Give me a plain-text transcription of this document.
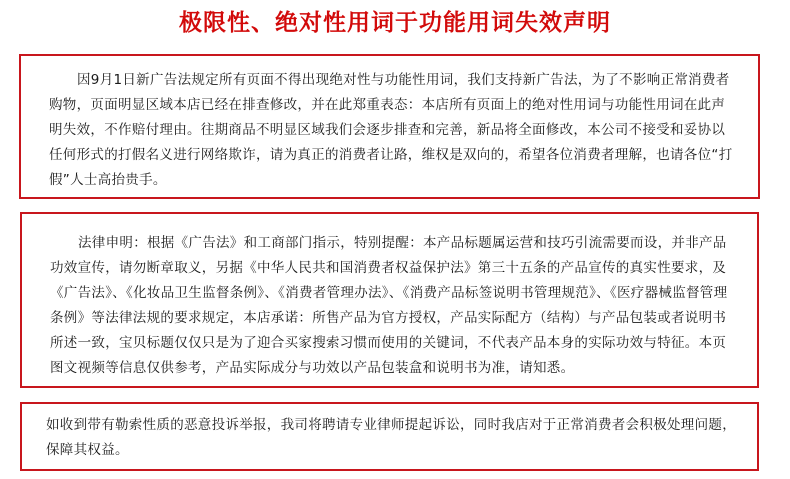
极限性、绝对性用词于功能用词失效声明

因9月1日新广告法规定所有页面不得出现绝对性与功能性用词，我们支持新广告法，为了不影响正常消费者购物，页面明显区域本店已经在排查修改，并在此郑重表态：本店所有页面上的绝对性用词与功能性用词在此声明失效，不作赔付理由。往期商品不明显区域我们会逐步排查和完善，新品将全面修改，本公司不接受和妥协以任何形式的打假名义进行网络欺诈，请为真正的消费者让路，维权是双向的，希望各位消费者理解，也请各位“打假”人士高抬贵手。

法律申明：根据《广告法》和工商部门指示，特别提醒：本产品标题属运营和技巧引流需要而设，并非产品功效宣传，请勿断章取义，另据《中华人民共和国消费者权益保护法》第三十五条的产品宣传的真实性要求，及《广告法》、《化妆品卫生监督条例》、《消费者管理办法》、《消费产品标签说明书管理规范》、《医疗器械监督管理条例》等法律法规的要求规定，本店承诺：所售产品为官方授权，产品实际配方（结构）与产品包装或者说明书所述一致，宝贝标题仅仅只是为了迎合买家搜索习惯而使用的关键词，不代表产品本身的实际功效与特征。本页图文视频等信息仅供参考，产品实际成分与功效以产品包装盒和说明书为准，请知悉。

如收到带有勒索性质的恶意投诉举报，我司将聘请专业律师提起诉讼，同时我店对于正常消费者会积极处理问题，保障其权益。
